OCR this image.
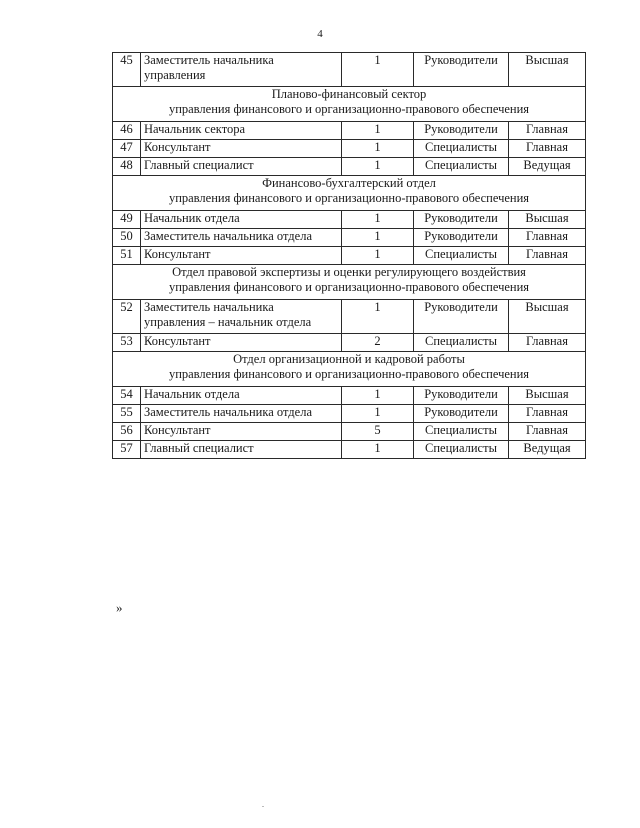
4
45	Заместитель начальника управления	1	Руководители	Высшая

Планово-финансовый сектор
управления финансового и организационно-правового обеспечения				

46	Начальник сектора	1	Руководители	Главная
47	Консультант	1	Специалисты	Главная
48	Главный специалист	1	Специалисты	Ведущая

Финансово-бухгалтерский отдел
управления финансового и организационно-правового обеспечения				

49	Начальник отдела	1	Руководители	Высшая
50	Заместитель начальника отдела	1	Руководители	Главная
51	Консультант	1	Специалисты	Главная

Отдел правовой экспертизы и оценки регулирующего воздействия
управления финансового и организационно-правового обеспечения				

52	Заместитель начальника управления – начальник отдела	1	Руководители	Высшая
53	Консультант	2	Специалисты	Главная

Отдел организационной и кадровой работы
управления финансового и организационно-правового обеспечения				

54	Начальник отдела	1	Руководители	Высшая
55	Заместитель начальника отдела	1	Руководители	Главная
56	Консультант	5	Специалисты	Главная
57	Главный специалист	1	Специалисты	Ведущая
»
